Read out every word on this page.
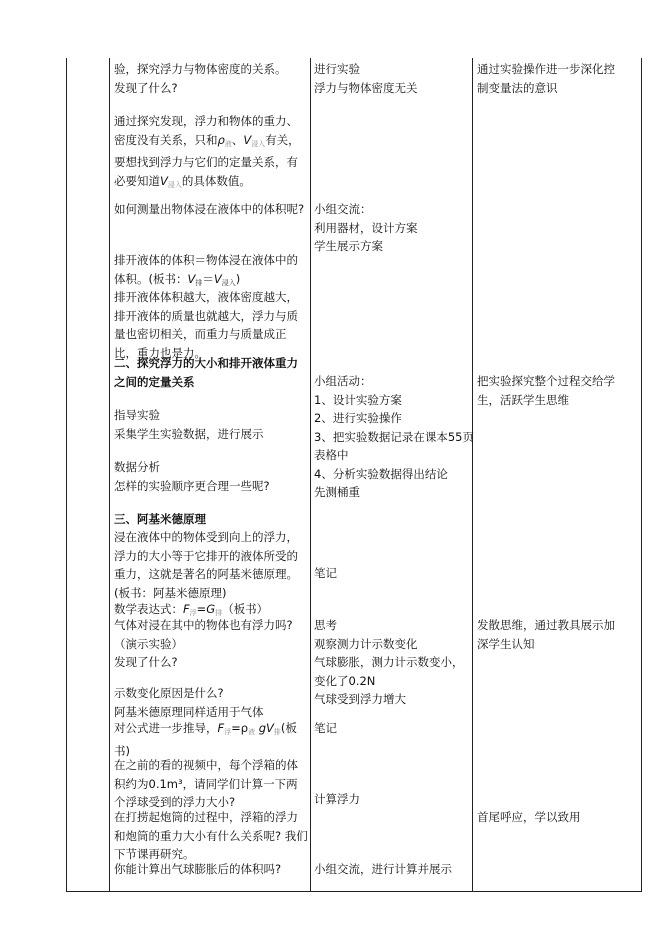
验，探究浮力与物体密度的关系。
发现了什么?
通过探究发现，浮力和物体的重力、密度没有关系，只和$\rho_液$、$V_{浸入}$有关，要想找到浮力与它们的定量关系，有必要知道$V_{浸入}$的具体数值。
如何测量出物体浸在液体中的体积呢?
排开液体的体积＝物体浸在液体中的体积。(板书：V排＝V浸入)
排开液体体积越大，液体密度越大，排开液体的质量也就越大，浮力与质量也密切相关，而重力与质量成正比，重力也是力。
二、探究浮力的大小和排开液体重力之间的定量关系
指导实验
采集学生实验数据，进行展示
数据分析
怎样的实验顺序更合理一些呢?
三、阿基米德原理
浸在液体中的物体受到向上的浮力，浮力的大小等于它排开的液体所受的重力，这就是著名的阿基米德原理。(板书：阿基米德原理)
数学表达式：$F_浮=G_排$（板书）
气体对浸在其中的物体也有浮力吗?（演示实验）
发现了什么?
示数变化原因是什么?
阿基米德原理同样适用于气体
对公式进一步推导，$F_浮=\rho_液$ $gV_排$(板书)
在之前的看的视频中，每个浮箱的体积约为0.1m³，请同学们计算一下两个浮球受到的浮力大小?
在打捞起炮筒的过程中，浮箱的浮力和炮筒的重力大小有什么关系呢? 我们下节课再研究。
你能计算出气球膨胀后的体积吗?
进行实验
浮力与物体密度无关
小组交流：
利用器材，设计方案
学生展示方案
小组活动：
1、设计实验方案
2、进行实验操作
3、把实验数据记录在课本55页表格中
4、分析实验数据得出结论
先测桶重
笔记
思考
观察测力计示数变化
气球膨胀，测力计示数变小，变化了0.2N
气球受到浮力增大
笔记
计算浮力
小组交流，进行计算并展示
通过实验操作进一步深化控制变量法的意识
把实验探究整个过程交给学生，活跃学生思维
发散思维，通过教具展示加深学生认知
首尾呼应，学以致用
